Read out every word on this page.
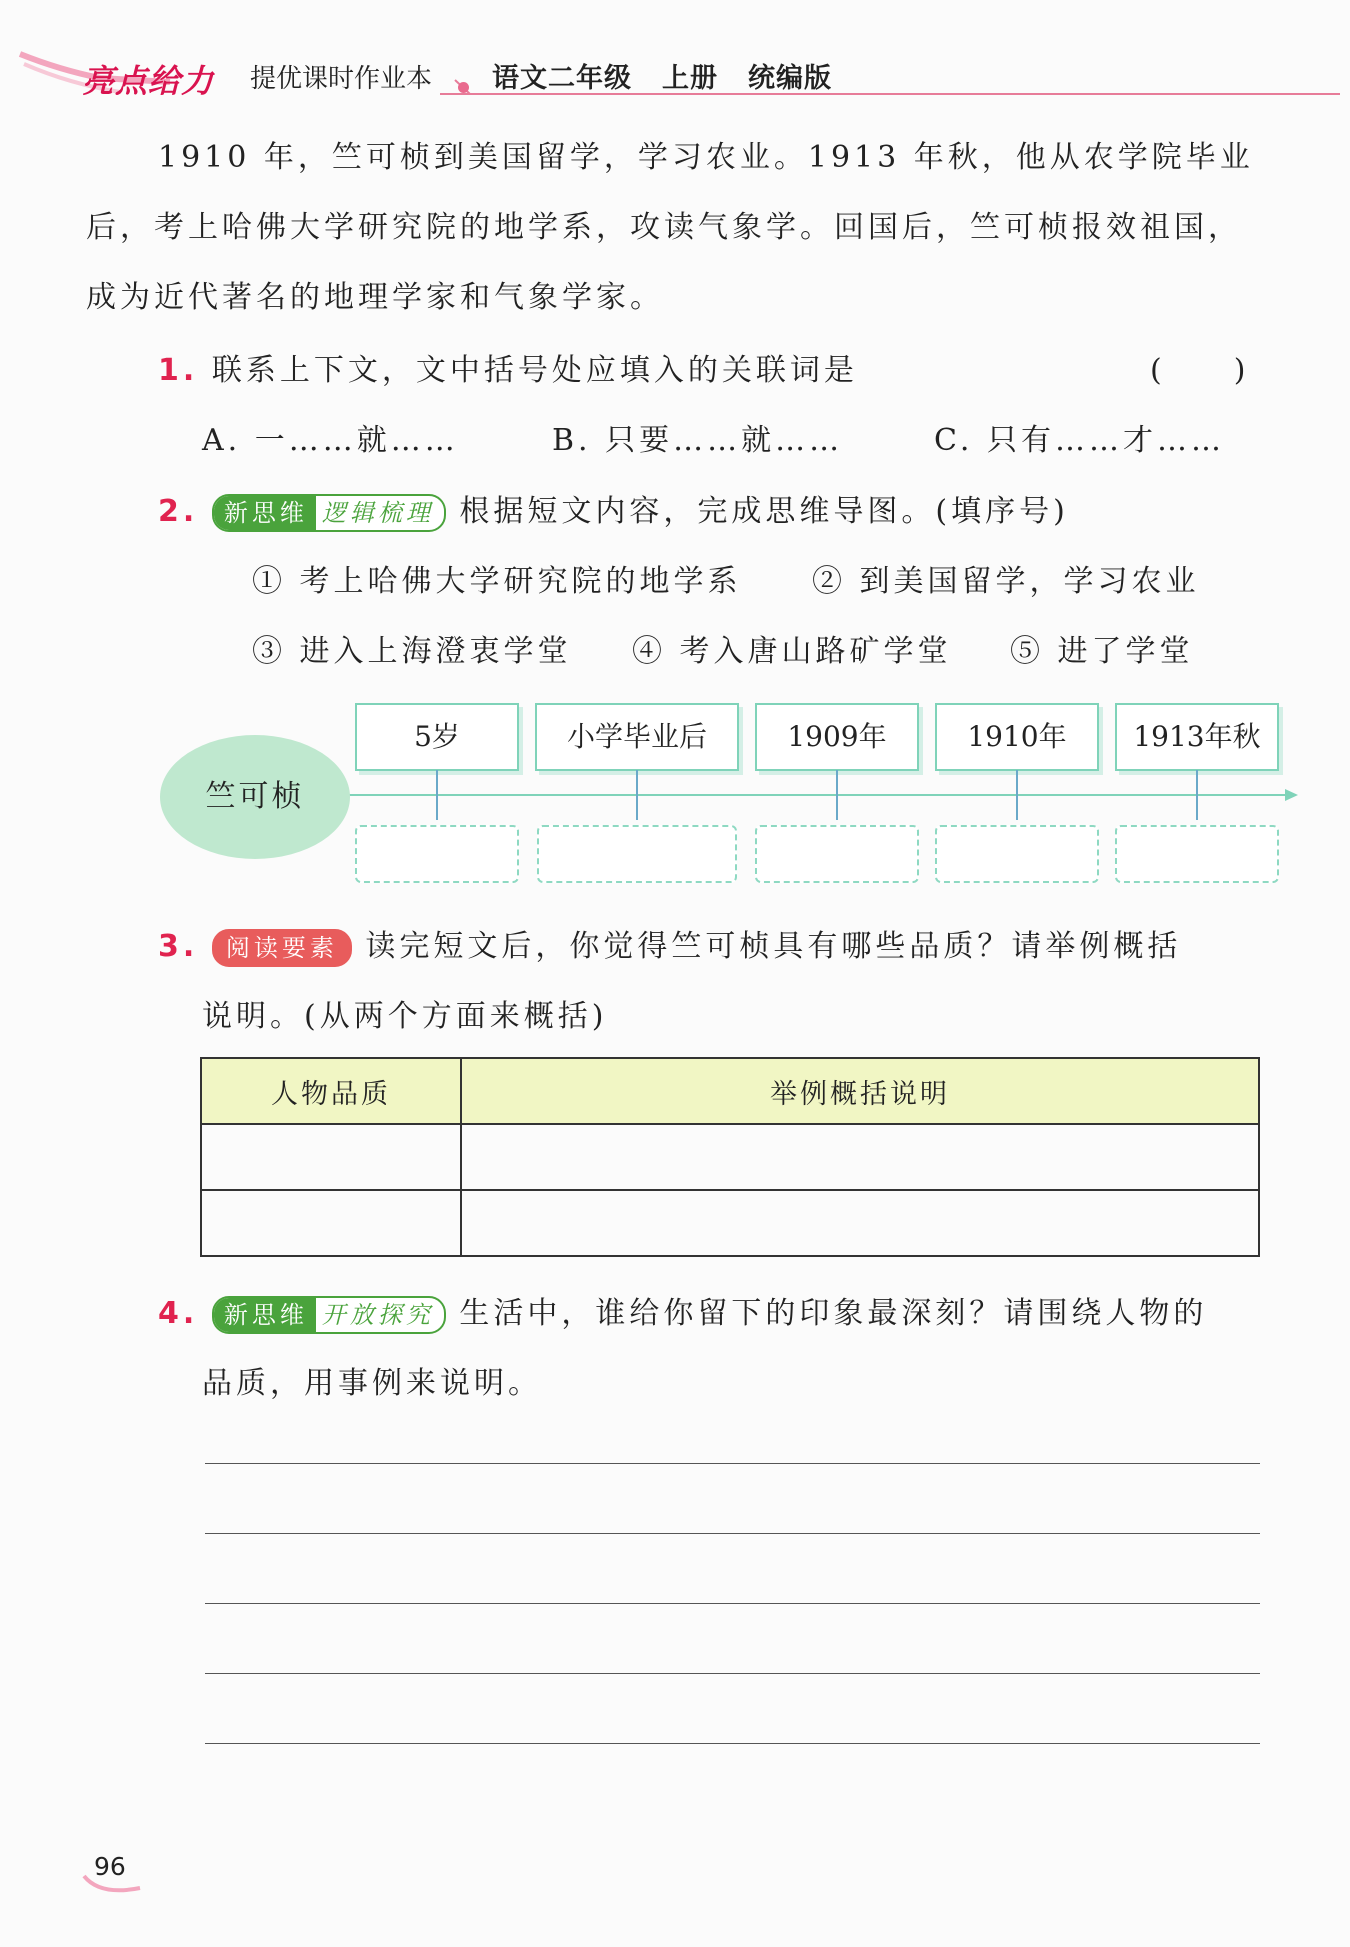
亮点给力 提优课时作业本 语文二年级 上册 统编版
1910 年，竺可桢到美国留学，学习农业。1913 年秋，他从农学院毕业后，考上哈佛大学研究院的地学系，攻读气象学。回国后，竺可桢报效祖国，成为近代著名的地理学家和气象学家。
1. 联系上下文，文中括号处应填入的关联词是	(　　)
A. 一……就……	B. 只要……就……	C. 只有……才……
2. 新思维 逻辑梳理 根据短文内容，完成思维导图。(填序号)
① 考上哈佛大学研究院的地学系 ② 到美国留学，学习农业
③ 进入上海澄衷学堂 ④ 考入唐山路矿学堂 ⑤ 进了学堂
竺可桢
5岁	小学毕业后	1909年	1910年	1913年秋
3. 阅读要素 读完短文后，你觉得竺可桢具有哪些品质？请举例概括
说明。(从两个方面来概括)
人物品质	举例概括说明

4. 新思维 开放探究 生活中，谁给你留下的印象最深刻？请围绕人物的
品质，用事例来说明。
96
